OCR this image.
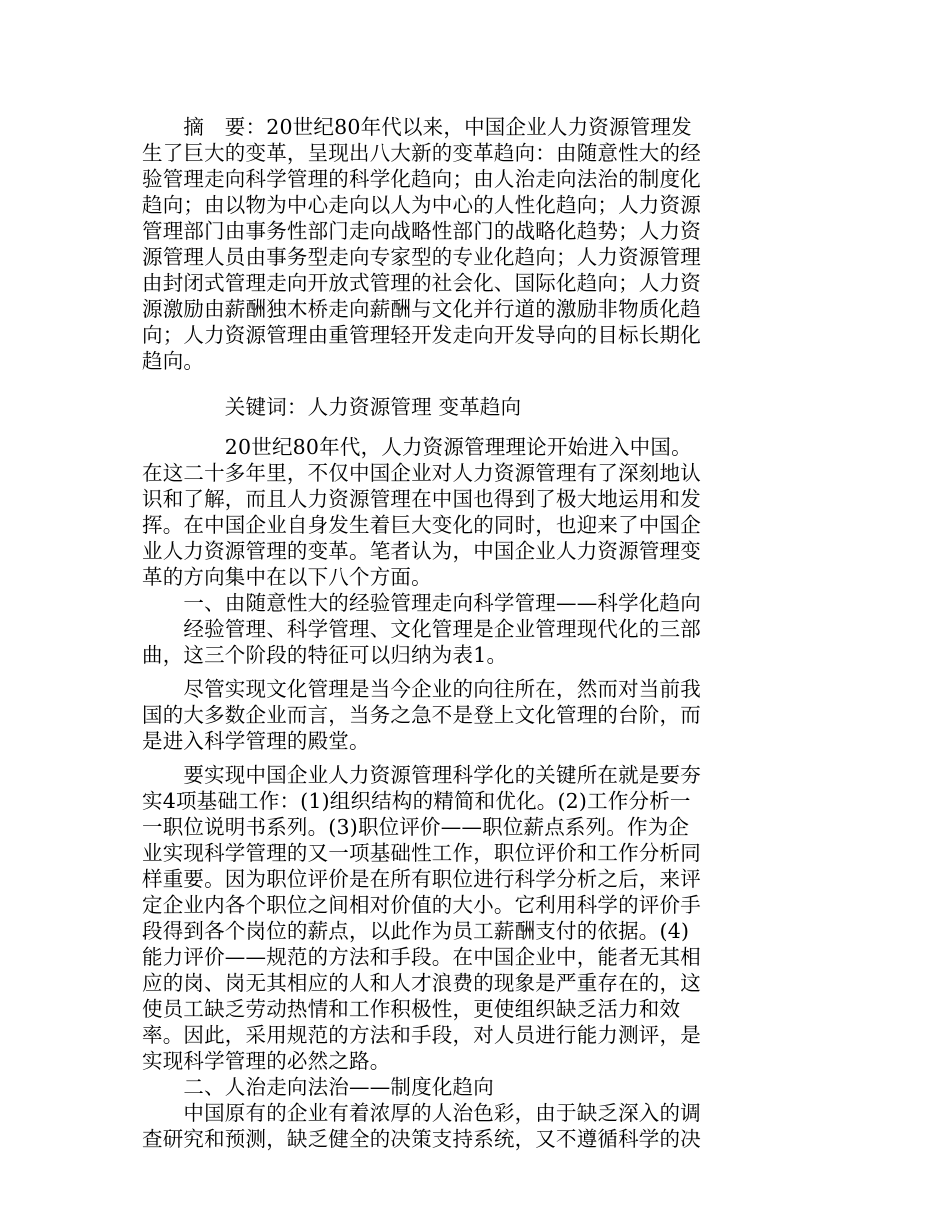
　　摘　要：20世纪80年代以来，中国企业人力资源管理发
生了巨大的变革，呈现出八大新的变革趋向：由随意性大的经
验管理走向科学管理的科学化趋向；由人治走向法治的制度化
趋向；由以物为中心走向以人为中心的人性化趋向；人力资源
管理部门由事务性部门走向战略性部门的战略化趋势；人力资
源管理人员由事务型走向专家型的专业化趋向；人力资源管理
由封闭式管理走向开放式管理的社会化、国际化趋向；人力资
源激励由薪酬独木桥走向薪酬与文化并行道的激励非物质化趋
向；人力资源管理由重管理轻开发走向开发导向的目标长期化
趋向。
　　　　关键词：人力资源管理 变革趋向
　　　　20世纪80年代，人力资源管理理论开始进入中国。
在这二十多年里，不仅中国企业对人力资源管理有了深刻地认
识和了解，而且人力资源管理在中国也得到了极大地运用和发
挥。在中国企业自身发生着巨大变化的同时，也迎来了中国企
业人力资源管理的变革。笔者认为，中国企业人力资源管理变
革的方向集中在以下八个方面。
　　一、由随意性大的经验管理走向科学管理——科学化趋向
　　经验管理、科学管理、文化管理是企业管理现代化的三部
曲，这三个阶段的特征可以归纳为表1。
　　尽管实现文化管理是当今企业的向往所在，然而对当前我
国的大多数企业而言，当务之急不是登上文化管理的台阶，而
是进入科学管理的殿堂。
　　要实现中国企业人力资源管理科学化的关键所在就是要夯
实4项基础工作：(1)组织结构的精简和优化。(2)工作分析一
一职位说明书系列。(3)职位评价——职位薪点系列。作为企
业实现科学管理的又一项基础性工作，职位评价和工作分析同
样重要。因为职位评价是在所有职位进行科学分析之后，来评
定企业内各个职位之间相对价值的大小。它利用科学的评价手
段得到各个岗位的薪点，以此作为员工薪酬支付的依据。(4)
能力评价——规范的方法和手段。在中国企业中，能者无其相
应的岗、岗无其相应的人和人才浪费的现象是严重存在的，这
使员工缺乏劳动热情和工作积极性，更使组织缺乏活力和效
率。因此，采用规范的方法和手段，对人员进行能力测评，是
实现科学管理的必然之路。
　　二、人治走向法治——制度化趋向
　　中国原有的企业有着浓厚的人治色彩，由于缺乏深入的调
查研究和预测，缺乏健全的决策支持系统，又不遵循科学的决
